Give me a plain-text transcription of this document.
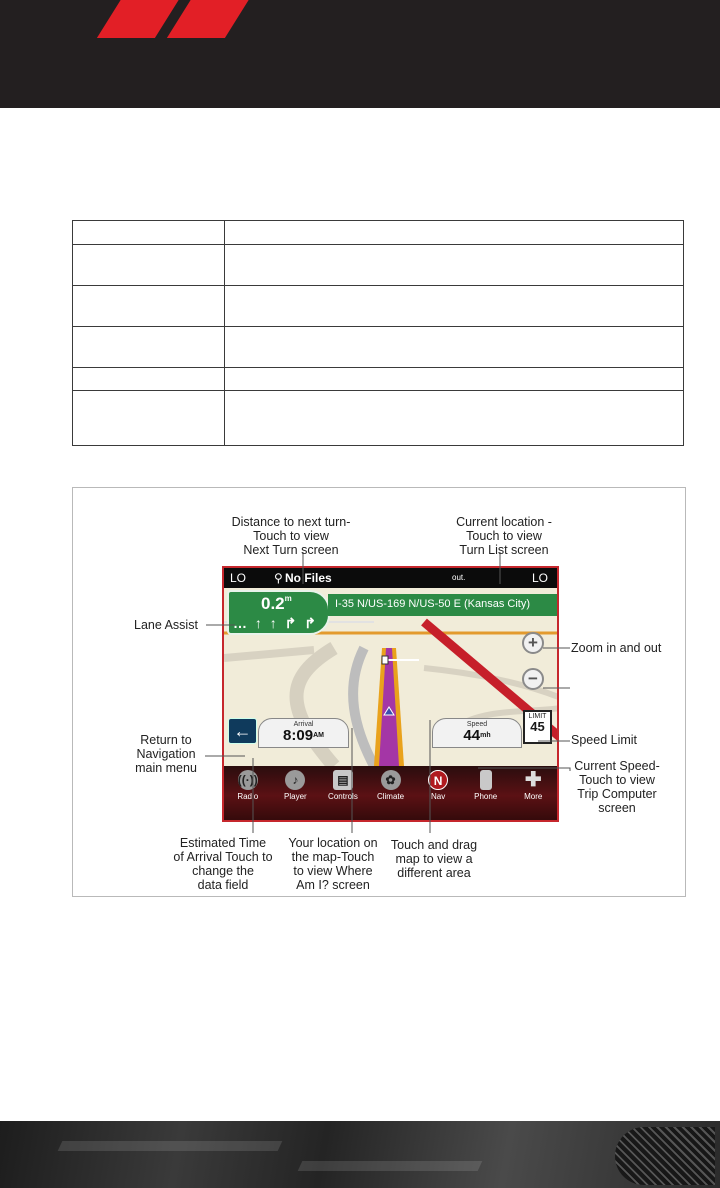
LO ⚲ No Files	out.	LO
0.2$^m$
… ↑ ↑ ↱ ↱
I-35 N/US-169 N/US-50 E (Kansas City)
+
−
←	Arrival
$8:09^{AM}$
Speed
$44^{mh}$
LIMIT
45
((·))
Radio
♪
Player
▤
Controls
✿
Climate
N
Nav	Phone
✚
More
Distance to next turn-
Touch to view
Next Turn screen
Current location -
Touch to view
Turn List screen
Lane Assist
Zoom in and out
Return to
Navigation
main menu
Speed Limit
Current Speed-
Touch to view
Trip Computer
screen
Estimated Time
of Arrival Touch to
change the
data field
Your location on
the map-Touch
to view Where
Am I? screen
Touch and drag
map to view a
different area
